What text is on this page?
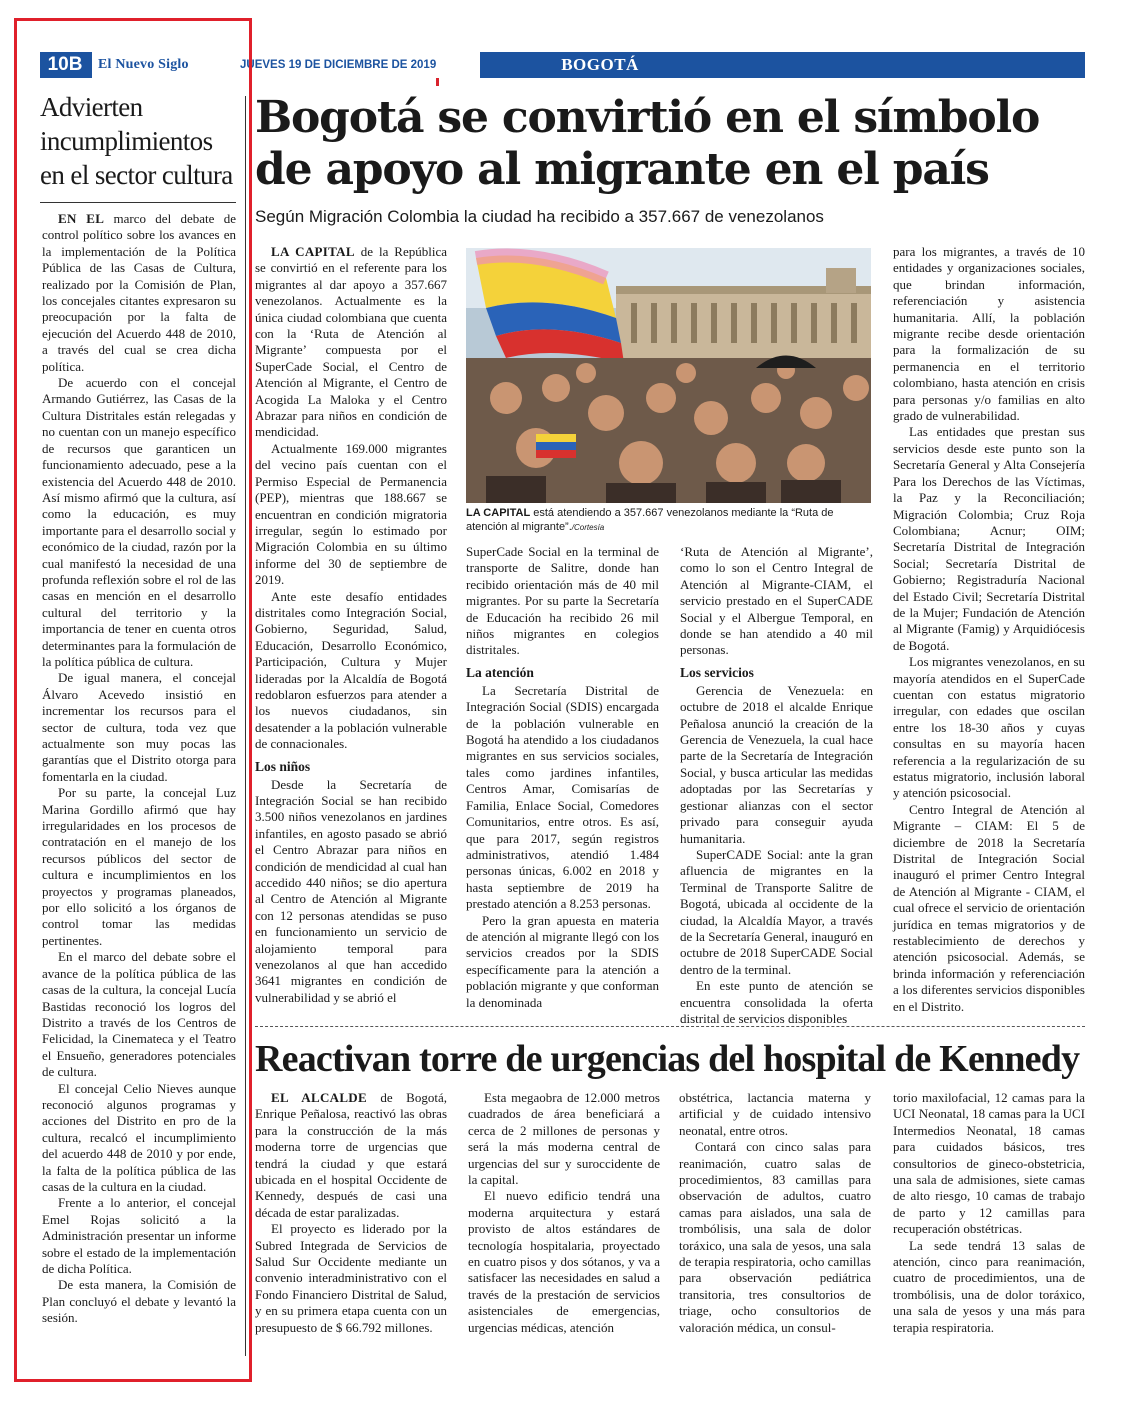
10B	El Nuevo Siglo	JUEVES 19 DE DICIEMBRE DE 2019	BOGOTÁ
Advierten incumplimientos en el sector cultura

EN EL marco del debate de control político sobre los avances en la implementación de la Política Pública de las Casas de Cultura, realizado por la Comisión de Plan, los concejales citantes expresaron su preocupación por la falta de ejecución del Acuerdo 448 de 2010, a través del cual se crea dicha política.

De acuerdo con el concejal Armando Gutiérrez, las Casas de la Cultura Distritales están relegadas y no cuentan con un manejo específico de recursos que garanticen un funcionamiento adecuado, pese a la existencia del Acuerdo 448 de 2010. Así mismo afirmó que la cultura, así como la educación, es muy importante para el desarrollo social y económico de la ciudad, razón por la cual manifestó la necesidad de una profunda reflexión sobre el rol de las casas en mención en el desarrollo cultural del territorio y la importancia de tener en cuenta otros determinantes para la formulación de la política pública de cultura.

De igual manera, el concejal Álvaro Acevedo insistió en incrementar los recursos para el sector de cultura, toda vez que actualmente son muy pocas las garantías que el Distrito otorga para fomentarla en la ciudad.

Por su parte, la concejal Luz Marina Gordillo afirmó que hay irregularidades en los procesos de contratación en el manejo de los recursos públicos del sector de cultura e incumplimientos en los proyectos y programas planeados, por ello solicitó a los órganos de control tomar las medidas pertinentes.

En el marco del debate sobre el avance de la política pública de las casas de la cultura, la concejal Lucía Bastidas reconoció los logros del Distrito a través de los Centros de Felicidad, la Cinemateca y el Teatro el Ensueño, generadores potenciales de cultura.

El concejal Celio Nieves aunque reconoció algunos programas y acciones del Distrito en pro de la cultura, recalcó el incumplimiento del acuerdo 448 de 2010 y por ende, la falta de la política pública de las casas de la cultura en la ciudad.

Frente a lo anterior, el concejal Emel Rojas solicitó a la Administración presentar un informe sobre el estado de la implementación de dicha Política.

De esta manera, la Comisión de Plan concluyó el debate y levantó la sesión.

Bogotá se convirtió en el símbolo de apoyo al migrante en el país
Según Migración Colombia la ciudad ha recibido a 357.667 de venezolanos

LA CAPITAL de la República se convirtió en el referente para los migrantes al dar apoyo a 357.667 venezolanos. Actualmente es la única ciudad colombiana que cuenta con la ‘Ruta de Atención al Migrante’ compuesta por el SuperCade Social, el Centro de Atención al Migrante, el Centro de Acogida La Maloka y el Centro Abrazar para niños en condición de mendicidad.

Actualmente 169.000 migrantes del vecino país cuentan con el Permiso Especial de Permanencia (PEP), mientras que 188.667 se encuentran en condición migratoria irregular, según lo estimado por Migración Colombia en su último informe del 30 de septiembre de 2019.

Ante este desafío entidades distritales como Integración Social, Gobierno, Seguridad, Salud, Educación, Desarrollo Económico, Participación, Cultura y Mujer lideradas por la Alcaldía de Bogotá redoblaron esfuerzos para atender a los nuevos ciudadanos, sin desatender a la población vulnerable de connacionales.

Los niños

Desde la Secretaría de Integración Social se han recibido 3.500 niños venezolanos en jardines infantiles, en agosto pasado se abrió el Centro Abrazar para niños en condición de mendicidad al cual han accedido 440 niños; se dio apertura al Centro de Atención al Migrante con 12 personas atendidas se puso en funcionamiento un servicio de alojamiento temporal para venezolanos al que han accedido 3641 migrantes en condición de vulnerabilidad y se abrió el

LA CAPITAL está atendiendo a 357.667 venezolanos mediante la “Ruta de atención al migrante”./Cortesía

SuperCade Social en la terminal de transporte de Salitre, donde han recibido orientación más de 40 mil migrantes. Por su parte la Secretaría de Educación ha recibido 26 mil niños migrantes en colegios distritales.

La atención

La Secretaría Distrital de Integración Social (SDIS) encargada de la población vulnerable en Bogotá ha atendido a los ciudadanos migrantes en sus servicios sociales, tales como jardines infantiles, Centros Amar, Comisarías de Familia, Enlace Social, Comedores Comunitarios, entre otros. Es así, que para 2017, según registros administrativos, atendió 1.484 personas únicas, 6.002 en 2018 y hasta septiembre de 2019 ha prestado atención a 8.253 personas.

Pero la gran apuesta en materia de atención al migrante llegó con los servicios creados por la SDIS específicamente para la atención a población migrante y que conforman la denominada

‘Ruta de Atención al Migrante’, como lo son el Centro Integral de Atención al Migrante-CIAM, el servicio prestado en el SuperCADE Social y el Albergue Temporal, en donde se han atendido a 40 mil personas.

Los servicios

Gerencia de Venezuela: en octubre de 2018 el alcalde Enrique Peñalosa anunció la creación de la Gerencia de Venezuela, la cual hace parte de la Secretaría de Integración Social, y busca articular las medidas adoptadas por las Secretarías y gestionar alianzas con el sector privado para conseguir ayuda humanitaria.

SuperCADE Social: ante la gran afluencia de migrantes en la Terminal de Transporte Salitre de Bogotá, ubicada al occidente de la ciudad, la Alcaldía Mayor, a través de la Secretaría General, inauguró en octubre de 2018 SuperCADE Social dentro de la terminal.

En este punto de atención se encuentra consolidada la oferta distrital de servicios disponibles

para los migrantes, a través de 10 entidades y organizaciones sociales, que brindan información, referenciación y asistencia humanitaria. Allí, la población migrante recibe desde orientación para la formalización de su permanencia en el territorio colombiano, hasta atención en crisis para personas y/o familias en alto grado de vulnerabilidad.

Las entidades que prestan sus servicios desde este punto son la Secretaría General y Alta Consejería Para los Derechos de las Víctimas, la Paz y la Reconciliación; Migración Colombia; Cruz Roja Colombiana; Acnur; OIM; Secretaría Distrital de Integración Social; Secretaría Distrital de Gobierno; Registraduría Nacional del Estado Civil; Secretaría Distrital de la Mujer; Fundación de Atención al Migrante (Famig) y Arquidiócesis de Bogotá.

Los migrantes venezolanos, en su mayoría atendidos en el SuperCade cuentan con estatus migratorio irregular, con edades que oscilan entre los 18-30 años y cuyas consultas en su mayoría hacen referencia a la regularización de su estatus migratorio, inclusión laboral y atención psicosocial.

Centro Integral de Atención al Migrante – CIAM: El 5 de diciembre de 2018 la Secretaría Distrital de Integración Social inauguró el primer Centro Integral de Atención al Migrante - CIAM, el cual ofrece el servicio de orientación jurídica en temas migratorios y de restablecimiento de derechos y atención psicosocial. Además, se brinda información y referenciación a los diferentes servicios disponibles en el Distrito.

Reactivan torre de urgencias del hospital de Kennedy

EL ALCALDE de Bogotá, Enrique Peñalosa, reactivó las obras para la construcción de la más moderna torre de urgencias que tendrá la ciudad y que estará ubicada en el hospital Occidente de Kennedy, después de casi una década de estar paralizadas.

El proyecto es liderado por la Subred Integrada de Servicios de Salud Sur Occidente mediante un convenio interadministrativo con el Fondo Financiero Distrital de Salud, y en su primera etapa cuenta con un presupuesto de $ 66.792 millones.

Esta megaobra de 12.000 metros cuadrados de área beneficiará a cerca de 2 millones de personas y será la más moderna central de urgencias del sur y suroccidente de la capital.

El nuevo edificio tendrá una moderna arquitectura y estará provisto de altos estándares de tecnología hospitalaria, proyectado en cuatro pisos y dos sótanos, y va a satisfacer las necesidades en salud a través de la prestación de servicios asistenciales de emergencias, urgencias médicas, atención

obstétrica, lactancia materna y artificial y de cuidado intensivo neonatal, entre otros.

Contará con cinco salas para reanimación, cuatro salas de procedimientos, 83 camillas para observación de adultos, cuatro camas para aislados, una sala de trombólisis, una sala de dolor toráxico, una sala de yesos, una sala de terapia respiratoria, ocho camillas para observación pediátrica transitoria, tres consultorios de triage, ocho consultorios de valoración médica, un consul-

torio maxilofacial, 12 camas para la UCI Neonatal, 18 camas para la UCI Intermedios Neonatal, 18 camas para cuidados básicos, tres consultorios de gineco-obstetricia, una sala de admisiones, siete camas de alto riesgo, 10 camas de trabajo de parto y 12 camillas para recuperación obstétricas.

La sede tendrá 13 salas de atención, cinco para reanimación, cuatro de procedimientos, una de trombólisis, una de dolor toráxico, una sala de yesos y una más para terapia respiratoria.
